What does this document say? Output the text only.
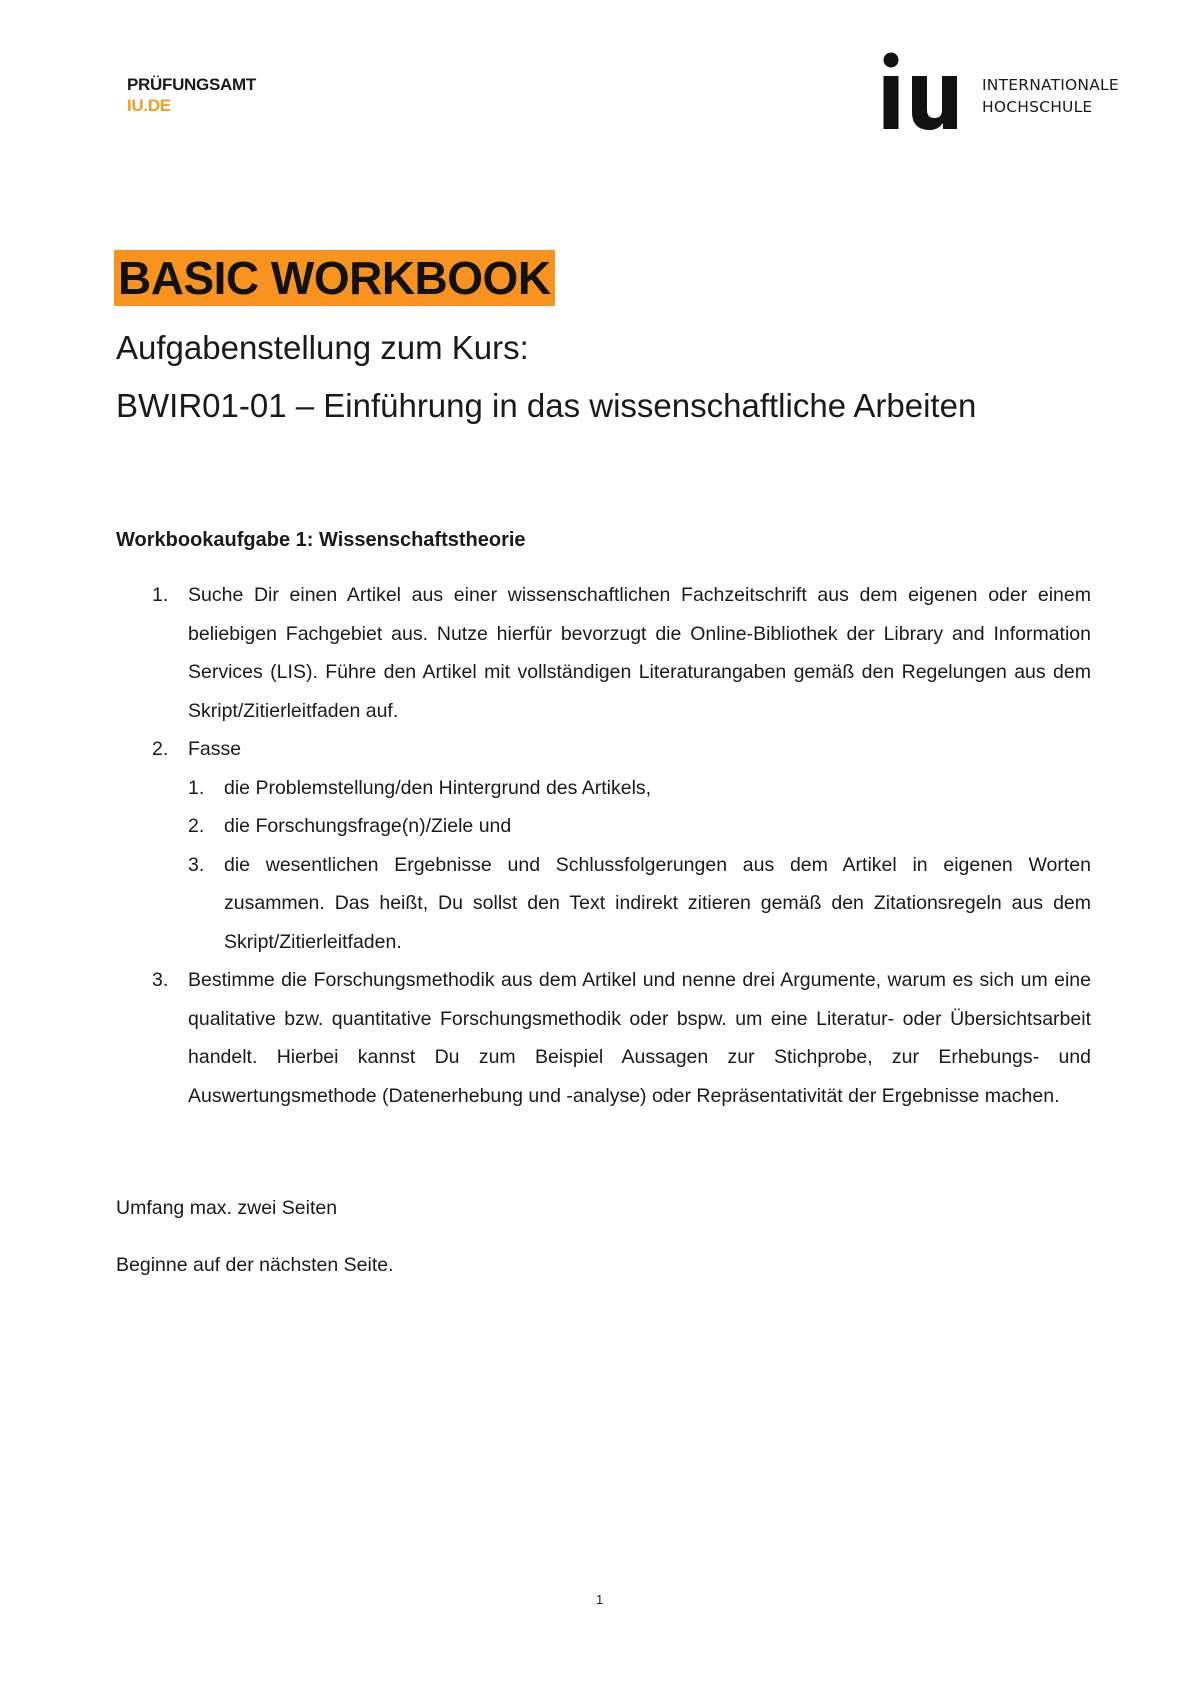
PRÜFUNGSAMT
IU.DE
INTERNATIONALE
HOCHSCHULE
BASIC WORKBOOK
Aufgabenstellung zum Kurs:
BWIR01-01 – Einführung in das wissenschaftliche Arbeiten
Workbookaufgabe 1: Wissenschaftstheorie
1. Suche Dir einen Artikel aus einer wissenschaftlichen Fachzeitschrift aus dem eigenen oder einem beliebigen Fachgebiet aus. Nutze hierfür bevorzugt die Online-Bibliothek der Library and Information Services (LIS). Führe den Artikel mit vollständigen Literaturangaben gemäß den Regelungen aus dem Skript/Zitierleitfaden auf.
2. Fasse
1. die Problemstellung/den Hintergrund des Artikels,
2. die Forschungsfrage(n)/Ziele und
3. die wesentlichen Ergebnisse und Schlussfolgerungen aus dem Artikel in eigenen Worten zusammen. Das heißt, Du sollst den Text indirekt zitieren gemäß den Zitationsregeln aus dem Skript/Zitierleitfaden.
3. Bestimme die Forschungsmethodik aus dem Artikel und nenne drei Argumente, warum es sich um eine qualitative bzw. quantitative Forschungsmethodik oder bspw. um eine Literatur- oder Übersichtsarbeit handelt. Hierbei kannst Du zum Beispiel Aussagen zur Stichprobe, zur Erhebungs- und Auswertungsmethode (Datenerhebung und -analyse) oder Repräsentativität der Ergebnisse machen.
Umfang max. zwei Seiten
Beginne auf der nächsten Seite.
1
